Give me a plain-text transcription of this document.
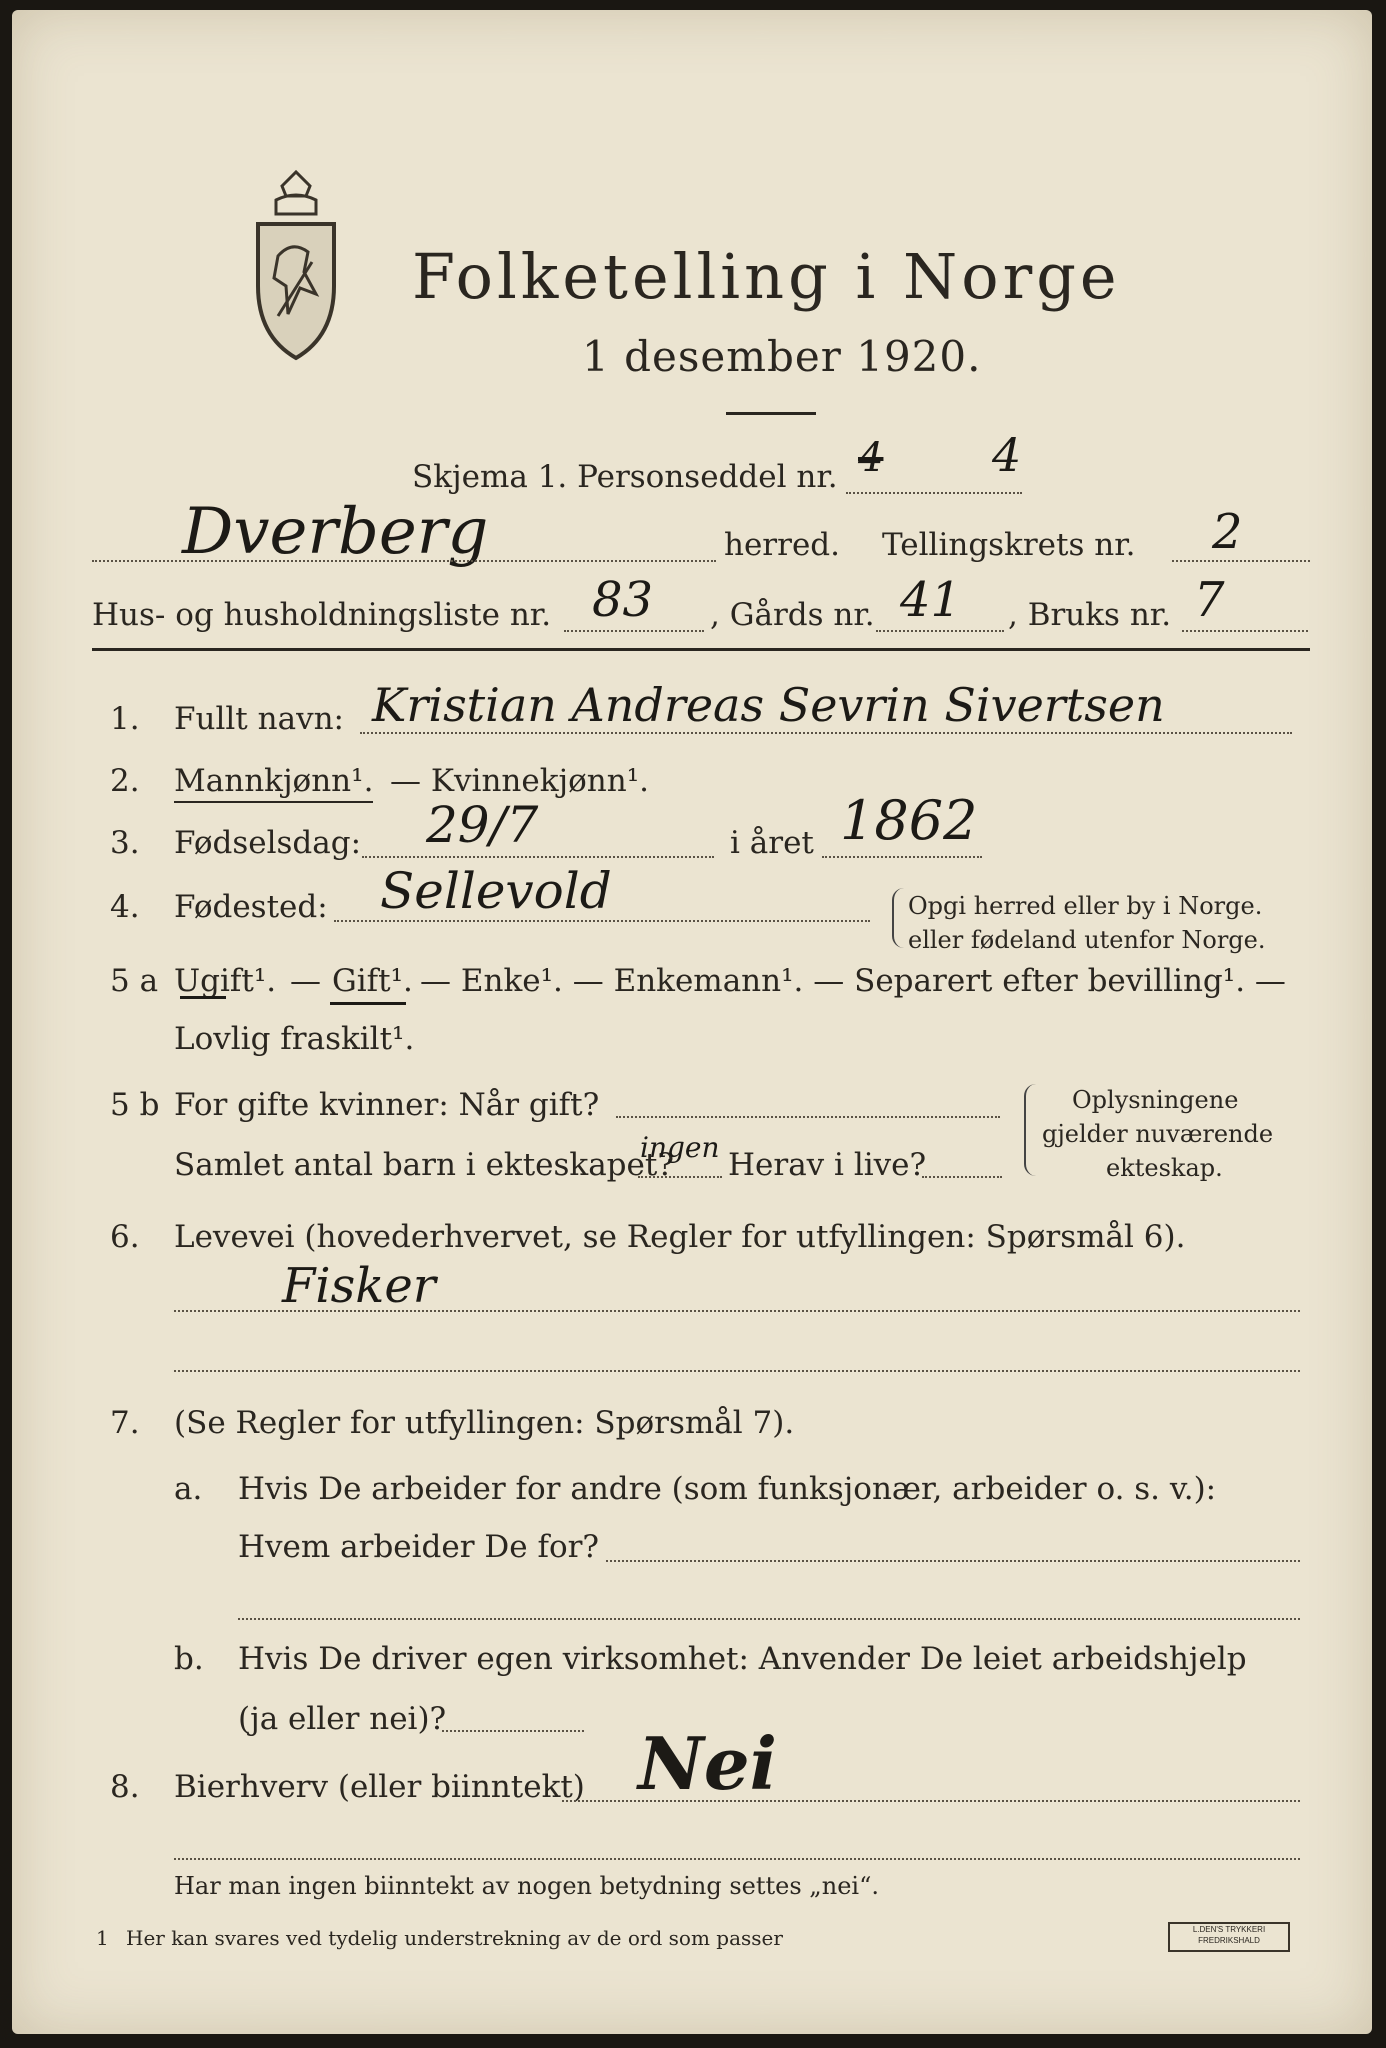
Folketelling i Norge
1 desember 1920.
Skjema 1. Personseddel nr. 4 4
Dverberg	herred. Tellingskrets nr. 2
Hus- og husholdningsliste nr. 83 , Gårds nr. 41 , Bruks nr. 7
1. Fullt navn: Kristian Andreas Sevrin Sivertsen
2. Mannkjønn¹. — Kvinnekjønn¹.
3. Fødselsdag: 29/7	i året 1862
4. Fødested: Sellevold	Opgi herred eller by i Norge.
eller fødeland utenfor Norge.
5 a Ugift¹. — Gift¹. — Enke¹. — Enkemann¹. — Separert efter bevilling¹. —
Lovlig fraskilt¹.
5 b For gifte kvinner: Når gift?
Samlet antal barn i ekteskapet?
ingen Herav i live?
Oplysningene
gjelder nuværende
ekteskap.
6. Levevei (hovederhvervet, se Regler for utfyllingen: Spørsmål 6).
Fisker
7. (Se Regler for utfyllingen: Spørsmål 7).
a. Hvis De arbeider for andre (som funksjonær, arbeider o. s. v.):
Hvem arbeider De for?
b. Hvis De driver egen virksomhet: Anvender De leiet arbeidshjelp
(ja eller nei)?
8. Bierhverv (eller biinntekt) Nei
Har man ingen biinntekt av nogen betydning settes „nei“.
1 Her kan svares ved tydelig understrekning av de ord som passer	L.DEN'S TRYKKERI
FREDRIKSHALD
